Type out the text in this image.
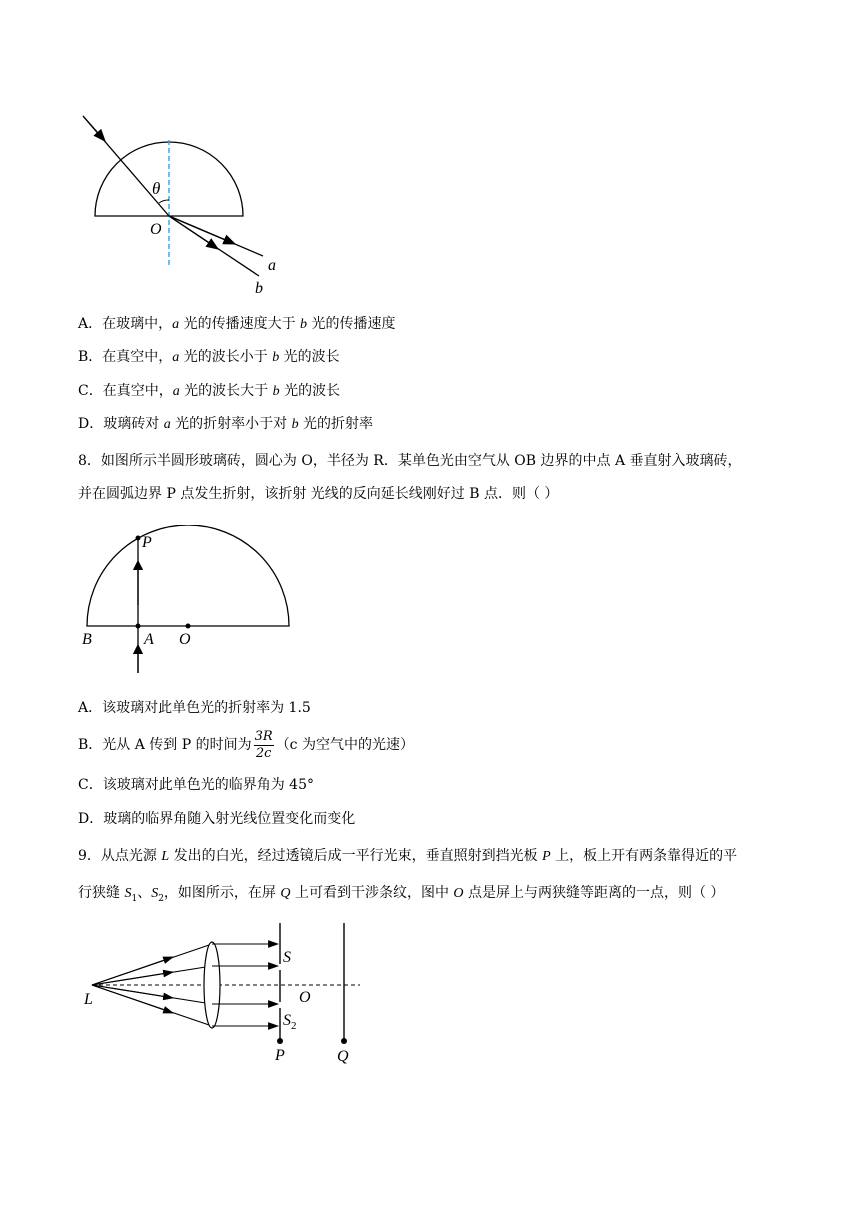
θ
O
a
b
A．在玻璃中，a 光的传播速度大于 b 光的传播速度
B．在真空中，a 光的波长小于 b 光的波长
C．在真空中，a 光的波长大于 b 光的波长
D．玻璃砖对 a 光的折射率小于对 b 光的折射率
8．如图所示半圆形玻璃砖，圆心为 O，半径为 R．某单色光由空气从 OB 边界的中点 A 垂直射入玻璃砖，
并在圆弧边界 P 点发生折射，该折射 光线的反向延长线刚好过 B 点．则（ ）
P
B	A O
A．该玻璃对此单色光的折射率为 1.5
B．光从 A 传到 P 的时间为 $\frac{3R}{2c} (c$ 为空气中的光速）
C．该玻璃对此单色光的临界角为 45°
D．玻璃的临界角随入射光线位置变化而变化
9．从点光源 L 发出的白光，经过透镜后成一平行光束，垂直照射到挡光板 P 上，板上开有两条靠得近的平
行狭缝 $S_1$、$S_2$，如图所示，在屏 Q 上可看到干涉条纹，图中 O 点是屏上与两狭缝等距离的一点，则（ ）
L
S
O
$S_2$
P	Q
